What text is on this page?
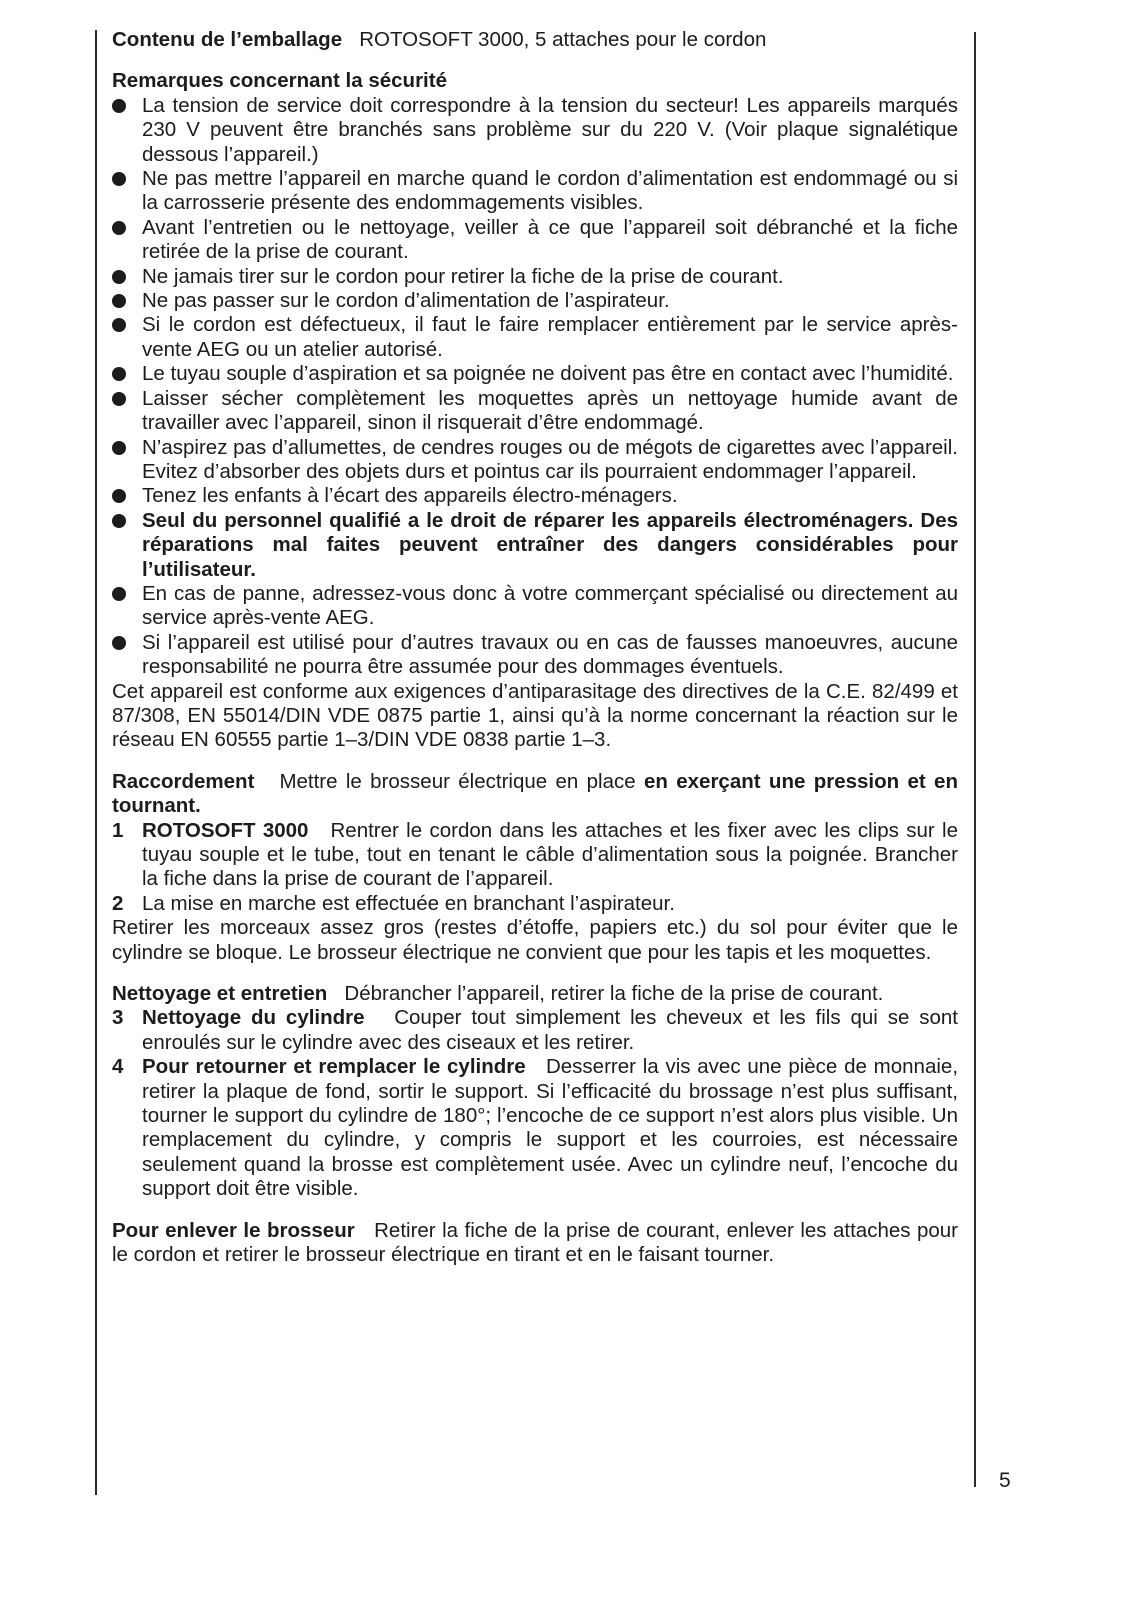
Contenu de l’emballage ROTOSOFT 3000, 5 attaches pour le cordon

Remarques concernant la sécurité

La tension de service doit correspondre à la tension du secteur! Les appareils marqués 230 V peuvent être branchés sans problème sur du 220 V. (Voir plaque signalétique dessous l’appareil.)
Ne pas mettre l’appareil en marche quand le cordon d’alimentation est endommagé ou si la carrosserie présente des endommagements visibles.
Avant l’entretien ou le nettoyage, veiller à ce que l’appareil soit débranché et la fiche retirée de la prise de courant.
Ne jamais tirer sur le cordon pour retirer la fiche de la prise de courant.
Ne pas passer sur le cordon d’alimentation de l’aspirateur.
Si le cordon est défectueux, il faut le faire remplacer entièrement par le service après-vente AEG ou un atelier autorisé.
Le tuyau souple d’aspiration et sa poignée ne doivent pas être en contact avec l’humidité.
Laisser sécher complètement les moquettes après un nettoyage humide avant de travailler avec l’appareil, sinon il risquerait d’être endommagé.
N’aspirez pas d’allumettes, de cendres rouges ou de mégots de cigarettes avec l’appareil. Evitez d’absorber des objets durs et pointus car ils pourraient endommager l’appareil.
Tenez les enfants à l’écart des appareils électro-ménagers.
Seul du personnel qualifié a le droit de réparer les appareils électroménagers. Des réparations mal faites peuvent entraîner des dangers considérables pour l’utilisateur.
En cas de panne, adressez-vous donc à votre commerçant spécialisé ou directement au service après-vente AEG.
Si l’appareil est utilisé pour d’autres travaux ou en cas de fausses manoeuvres, aucune responsabilité ne pourra être assumée pour des dommages éventuels.

Cet appareil est conforme aux exigences d’antiparasitage des directives de la C.E. 82/499 et 87/308, EN 55014/DIN VDE 0875 partie 1, ainsi qu’à la norme concernant la réaction sur le réseau EN 60555 partie 1–3/DIN VDE 0838 partie 1–3.

Raccordement Mettre le brosseur électrique en place en exerçant une pression et en tournant.

1 ROTOSOFT 3000 Rentrer le cordon dans les attaches et les fixer avec les clips sur le tuyau souple et le tube, tout en tenant le câble d’alimentation sous la poignée. Brancher la fiche dans la prise de courant de l’appareil.
2 La mise en marche est effectuée en branchant l’aspirateur.

Retirer les morceaux assez gros (restes d’étoffe, papiers etc.) du sol pour éviter que le cylindre se bloque. Le brosseur électrique ne convient que pour les tapis et les moquettes.

Nettoyage et entretien Débrancher l’appareil, retirer la fiche de la prise de courant.

3 Nettoyage du cylindre Couper tout simplement les cheveux et les fils qui se sont enroulés sur le cylindre avec des ciseaux et les retirer.
4 Pour retourner et remplacer le cylindre Desserrer la vis avec une pièce de monnaie, retirer la plaque de fond, sortir le support. Si l’efficacité du brossage n’est plus suffisant, tourner le support du cylindre de 180°; l’encoche de ce support n’est alors plus visible. Un remplacement du cylindre, y compris le support et les courroies, est nécessaire seulement quand la brosse est complètement usée. Avec un cylindre neuf, l’encoche du support doit être visible.

Pour enlever le brosseur Retirer la fiche de la prise de courant, enlever les attaches pour le cordon et retirer le brosseur électrique en tirant et en le faisant tourner.

5
